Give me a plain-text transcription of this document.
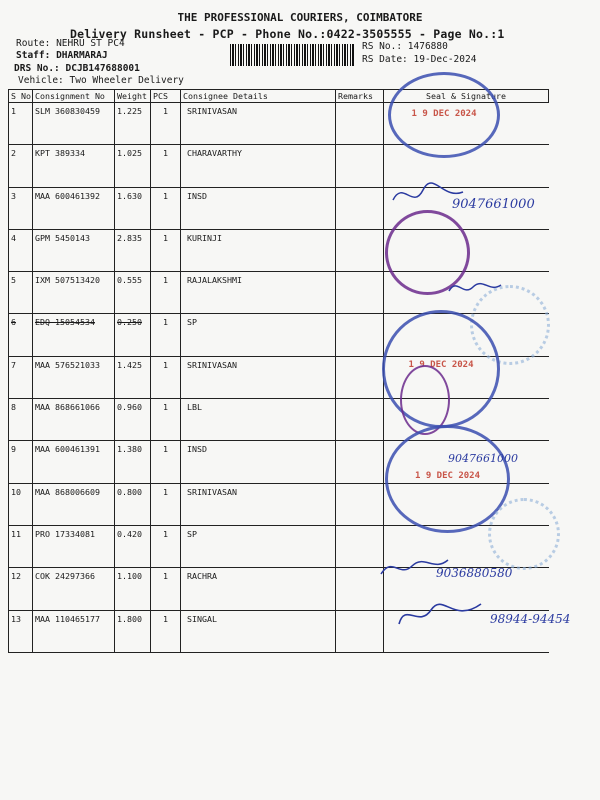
THE PROFESSIONAL COURIERS, COIMBATORE
Delivery Runsheet - PCP - Phone No.:0422-3505555 - Page No.:1
Route: NEHRU ST PC4
Staff: DHARMARAJ
DRS No.: DCJB147688001
Vehicle: Two Wheeler Delivery
RS No.: 1476880
RS Date: 19-Dec-2024
S No	Consignment No	Weight	PCS	Consignee Details	Remarks	Seal & Signature
1	SLM 360830459	1.225	1	SRINIVASAN		
2	KPT 389334	1.025	1	CHARAVARTHY		
3	MAA 600461392	1.630	1	INSD		
4	GPM 5450143	2.835	1	KURINJI		
5	IXM 507513420	0.555	1	RAJALAKSHMI		
6	EDQ 15054534	0.250	1	SP		
7	MAA 576521033	1.425	1	SRINIVASAN		
8	MAA 868661066	0.960	1	LBL		
9	MAA 600461391	1.380	1	INSD		
10	MAA 868006609	0.800	1	SRINIVASAN		
11	PRO 17334081	0.420	1	SP		
12	COK 24297366	1.100	1	RACHRA		
13	MAA 110465177	1.800	1	SINGAL		
1 9 DEC 2024
1 9 DEC 2024
1 9 DEC 2024
9047661000
9047661000
9036880580
98944-94454
